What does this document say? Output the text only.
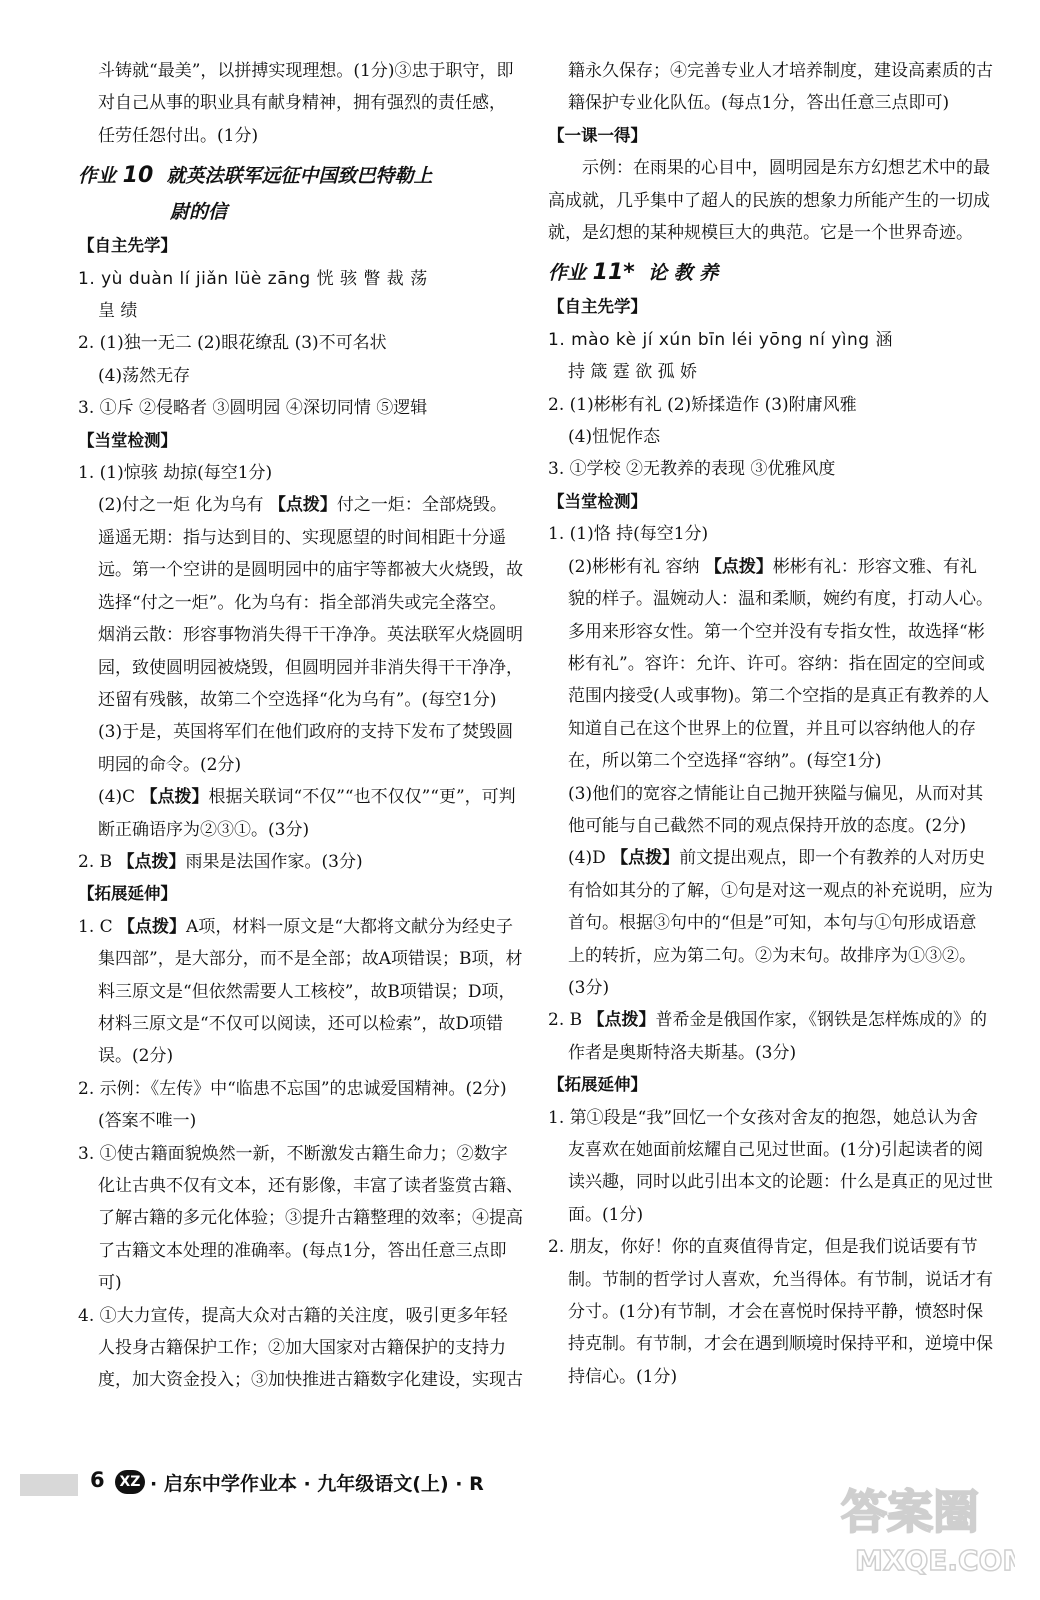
斗铸就“最美”，以拼搏实现理想。(1分)③忠于职守，即

对自己从事的职业具有献身精神，拥有强烈的责任感，

任劳任怨付出。(1分)

作业 10 就英法联军远征中国致巴特勒上

尉的信

【自主先学】

1. yù duàn lí jiǎn lüè zāng 恍 骇 瞥 裁 荡

皇 绩

2. (1)独一无二 (2)眼花缭乱 (3)不可名状

(4)荡然无存

3. ①斥 ②侵略者 ③圆明园 ④深切同情 ⑤逻辑

【当堂检测】

1. (1)惊骇 劫掠(每空1分)

(2)付之一炬 化为乌有 【点拨】付之一炬：全部烧毁。遥遥无期：指与达到目的、实现愿望的时间相距十分遥远。第一个空讲的是圆明园中的庙宇等都被大火烧毁，故选择“付之一炬”。化为乌有：指全部消失或完全落空。烟消云散：形容事物消失得干干净净。英法联军火烧圆明园，致使圆明园被烧毁，但圆明园并非消失得干干净净，还留有残骸，故第二个空选择“化为乌有”。(每空1分)

(3)于是，英国将军们在他们政府的支持下发布了焚毁圆明园的命令。(2分)

(4)C 【点拨】根据关联词“不仅”“也不仅仅”“更”，可判断正确语序为②③①。(3分)

2. B 【点拨】雨果是法国作家。(3分)

【拓展延伸】

1. C 【点拨】A项，材料一原文是“大都将文献分为经史子集四部”，是大部分，而不是全部；故A项错误；B项，材料三原文是“但依然需要人工核校”，故B项错误；D项，材料三原文是“不仅可以阅读，还可以检索”，故D项错误。(2分)

2. 示例：《左传》中“临患不忘国”的忠诚爱国精神。(2分)(答案不唯一)

3. ①使古籍面貌焕然一新，不断激发古籍生命力；②数字化让古典不仅有文本，还有影像，丰富了读者鉴赏古籍、了解古籍的多元化体验；③提升古籍整理的效率；④提高了古籍文本处理的准确率。(每点1分，答出任意三点即可)

4. ①大力宣传，提高大众对古籍的关注度，吸引更多年轻人投身古籍保护工作；②加大国家对古籍保护的支持力度，加大资金投入；③加快推进古籍数字化建设，实现古

籍永久保存；④完善专业人才培养制度，建设高素质的古籍保护专业化队伍。(每点1分，答出任意三点即可)

【一课一得】

示例：在雨果的心目中，圆明园是东方幻想艺术中的最高成就，几乎集中了超人的民族的想象力所能产生的一切成就，是幻想的某种规模巨大的典范。它是一个世界奇迹。

作业 11* 论 教 养

【自主先学】

1. mào kè jí xún bīn léi yōng ní yìng 涵

持 箴 霆 欲 孤 娇

2. (1)彬彬有礼 (2)矫揉造作 (3)附庸风雅

(4)忸怩作态

3. ①学校 ②无教养的表现 ③优雅风度

【当堂检测】

1. (1)恪 持(每空1分)

(2)彬彬有礼 容纳 【点拨】彬彬有礼：形容文雅、有礼貌的样子。温婉动人：温和柔顺，婉约有度，打动人心。多用来形容女性。第一个空并没有专指女性，故选择“彬彬有礼”。容许：允许、许可。容纳：指在固定的空间或范围内接受(人或事物)。第二个空指的是真正有教养的人知道自己在这个世界上的位置，并且可以容纳他人的存在，所以第二个空选择“容纳”。(每空1分)

(3)他们的宽容之情能让自己抛开狭隘与偏见，从而对其他可能与自己截然不同的观点保持开放的态度。(2分)

(4)D 【点拨】前文提出观点，即一个有教养的人对历史有恰如其分的了解，①句是对这一观点的补充说明，应为首句。根据③句中的“但是”可知，本句与①句形成语意上的转折，应为第二句。②为末句。故排序为①③②。(3分)

2. B 【点拨】普希金是俄国作家，《钢铁是怎样炼成的》的作者是奥斯特洛夫斯基。(3分)

【拓展延伸】

1. 第①段是“我”回忆一个女孩对舍友的抱怨，她总认为舍友喜欢在她面前炫耀自己见过世面。(1分)引起读者的阅读兴趣，同时以此引出本文的论题：什么是真正的见过世面。(1分)

2. 朋友，你好！你的直爽值得肯定，但是我们说话要有节制。节制的哲学讨人喜欢，允当得体。有节制，说话才有分寸。(1分)有节制，才会在喜悦时保持平静，愤怒时保持克制。有节制，才会在遇到顺境时保持平和，逆境中保持信心。(1分)

6	XZ · 启东中学作业本 · 九年级语文(上) · R
答案圈
MXQE.COM
